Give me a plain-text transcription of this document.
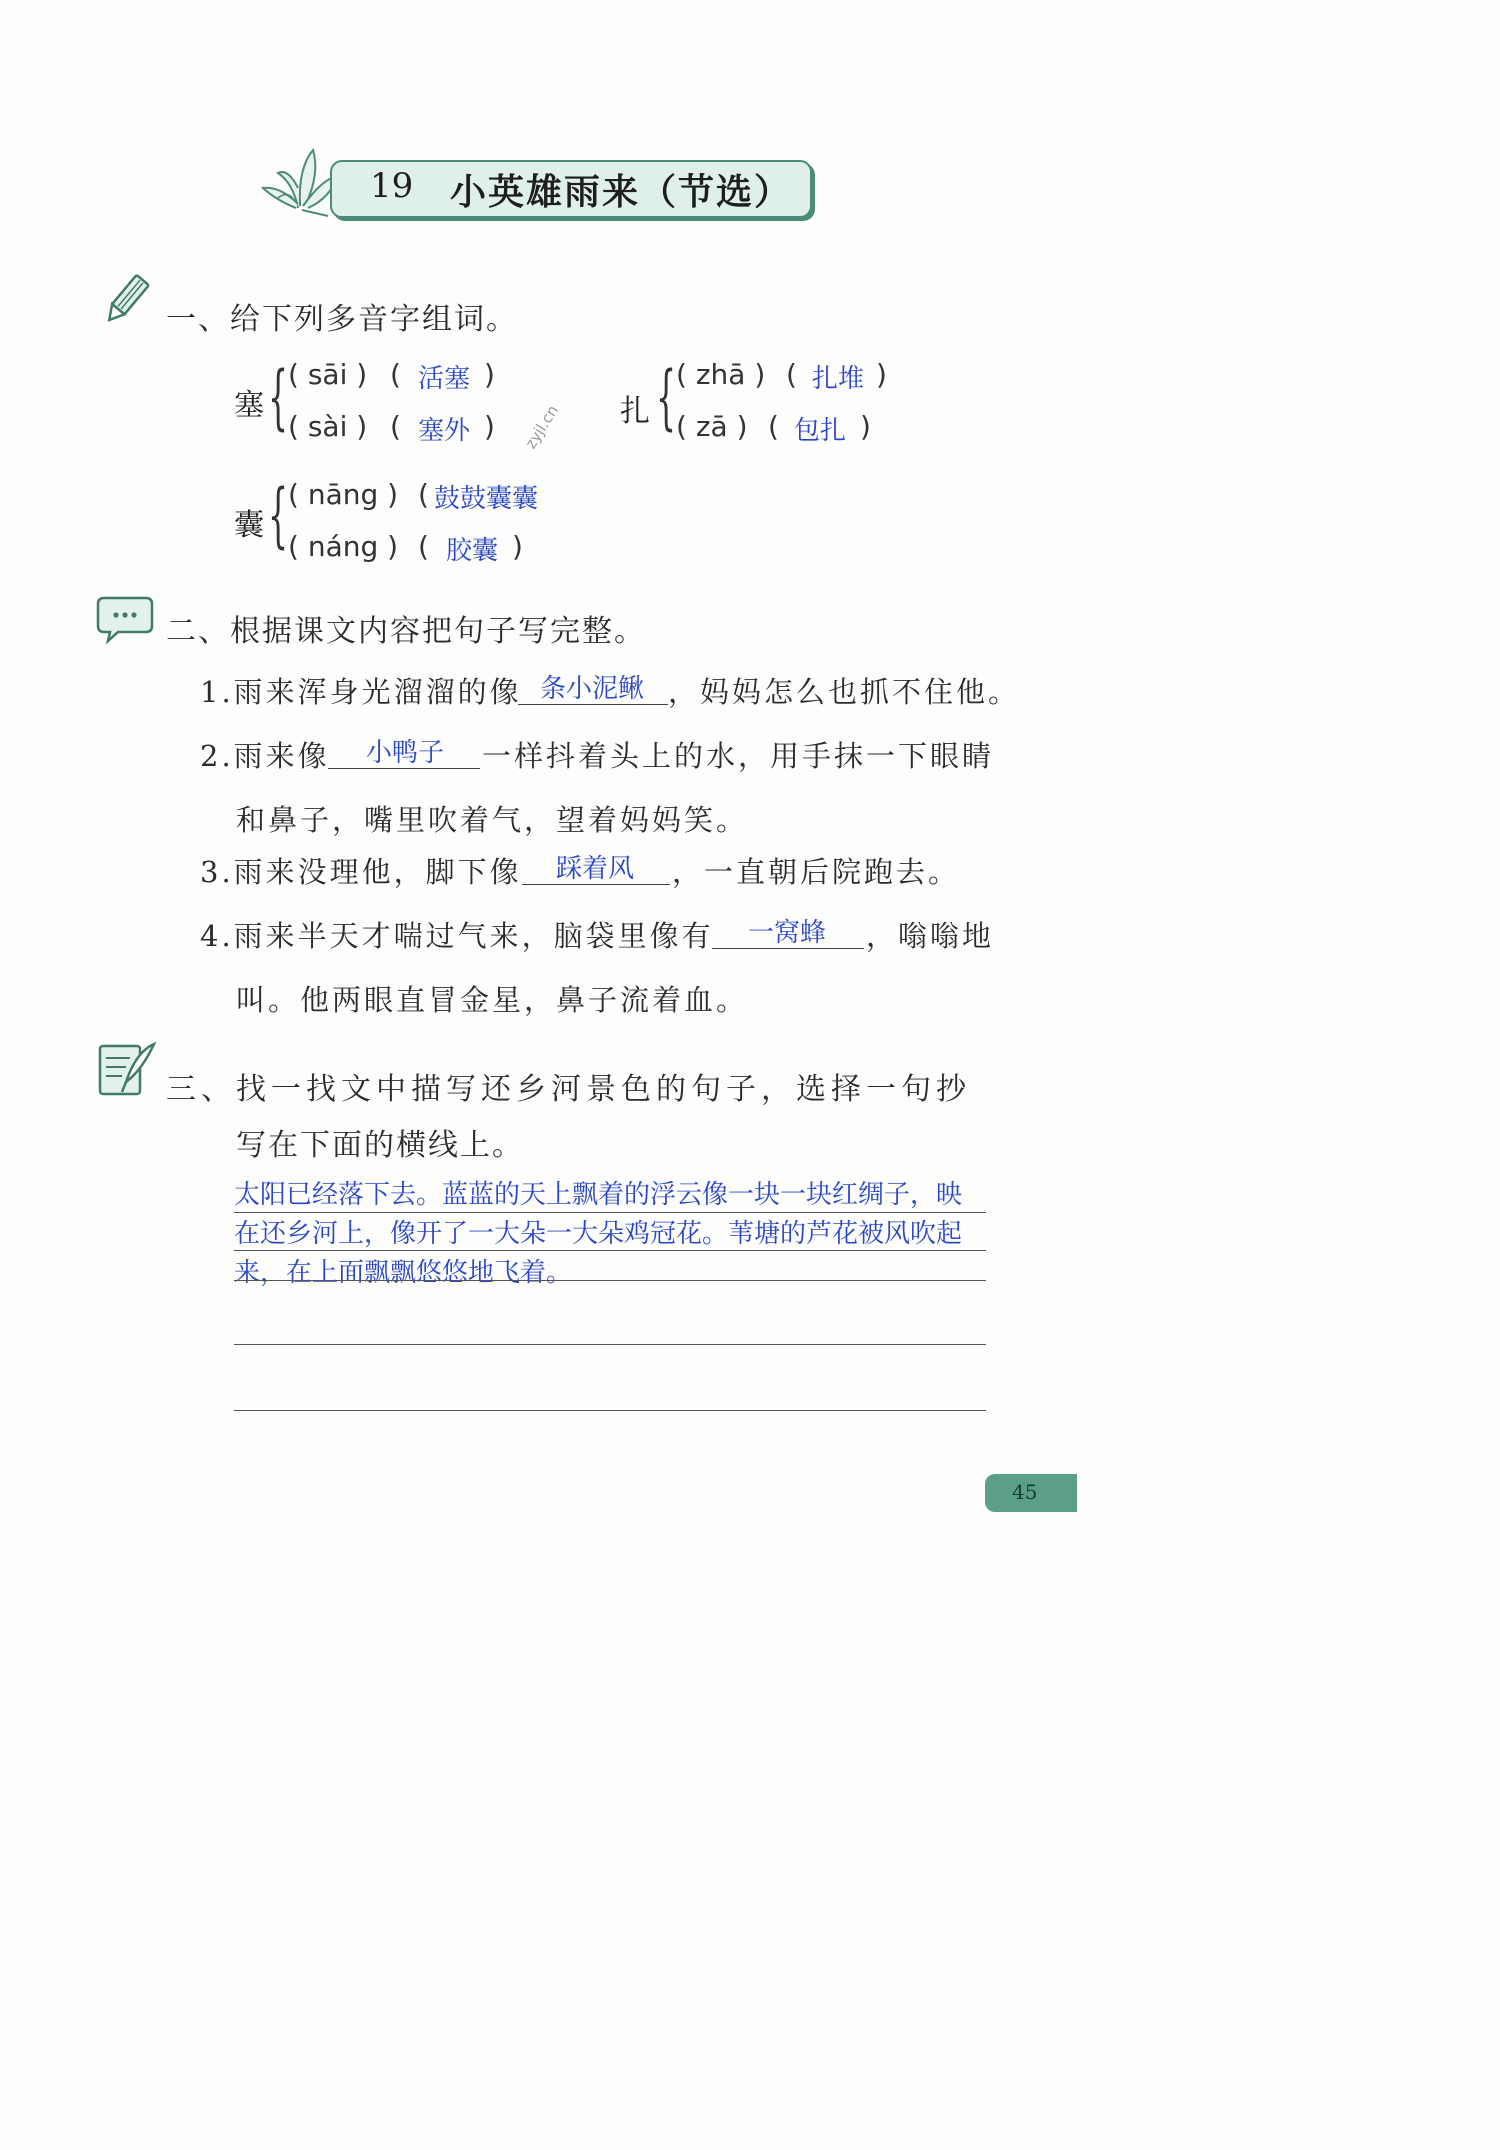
19 小英雄雨来（节选）
一、给下列多音字组词。
塞 { ( sāi ) ( 活塞 )
( sài ) ( 塞外 ) zyjl.cn 扎 { ( zhā ) ( 扎堆 )
( zā ) ( 包扎 )
囊 { ( nāng ) ( 鼓鼓囊囊
( náng ) ( 胶囊 )
二、根据课文内容把句子写完整。
1.雨来浑身光溜溜的像 条小泥鳅 ，妈妈怎么也抓不住他。
2.雨来像 小鸭子 一样抖着头上的水，用手抹一下眼睛
和鼻子，嘴里吹着气，望着妈妈笑。
3.雨来没理他，脚下像 踩着风 ，一直朝后院跑去。
4.雨来半天才喘过气来，脑袋里像有 一窝蜂 ，嗡嗡地
叫。他两眼直冒金星，鼻子流着血。
三、找一找文中描写还乡河景色的句子，选择一句抄
写在下面的横线上。
太阳已经落下去。蓝蓝的天上飘着的浮云像一块一块红绸子，映
在还乡河上，像开了一大朵一大朵鸡冠花。苇塘的芦花被风吹起
来，在上面飘飘悠悠地飞着。
45
